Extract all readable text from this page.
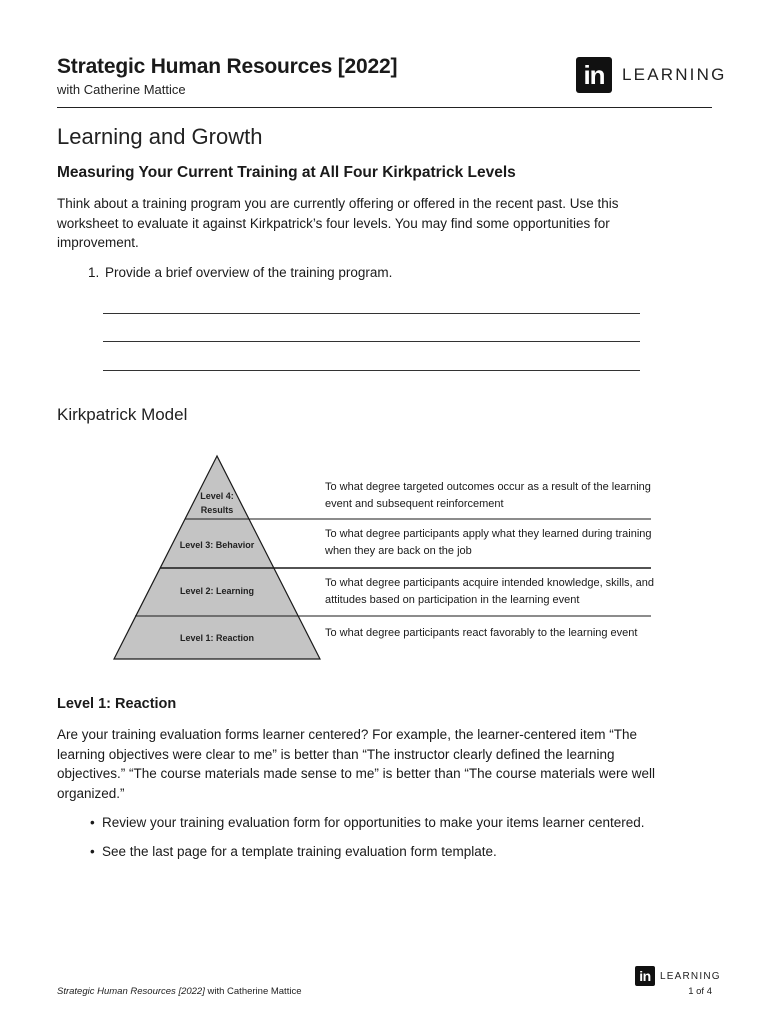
Strategic Human Resources [2022]
with Catherine Mattice	in	LEARNING
Learning and Growth
Measuring Your Current Training at All Four Kirkpatrick Levels
Think about a training program you are currently offering or offered in the recent past. Use this worksheet to evaluate it against Kirkpatrick’s four levels. You may find some opportunities for improvement.
1. Provide a brief overview of the training program.
Kirkpatrick Model
Level 4:
Results
Level 3: Behavior
Level 2: Learning
Level 1: Reaction
To what degree targeted outcomes occur as a result of the learning event and subsequent reinforcement
To what degree participants apply what they learned during training when they are back on the job
To what degree participants acquire intended knowledge, skills, and attitudes based on participation in the learning event
To what degree participants react favorably to the learning event
Level 1: Reaction
Are your training evaluation forms learner centered? For example, the learner-centered item “The learning objectives were clear to me” is better than “The instructor clearly defined the learning objectives.” “The course materials made sense to me” is better than “The course materials were well organized.”
• Review your training evaluation form for opportunities to make your items learner centered.
• See the last page for a template training evaluation form template.
Strategic Human Resources [2022] with Catherine Mattice
in LEARNING
1 of 4
